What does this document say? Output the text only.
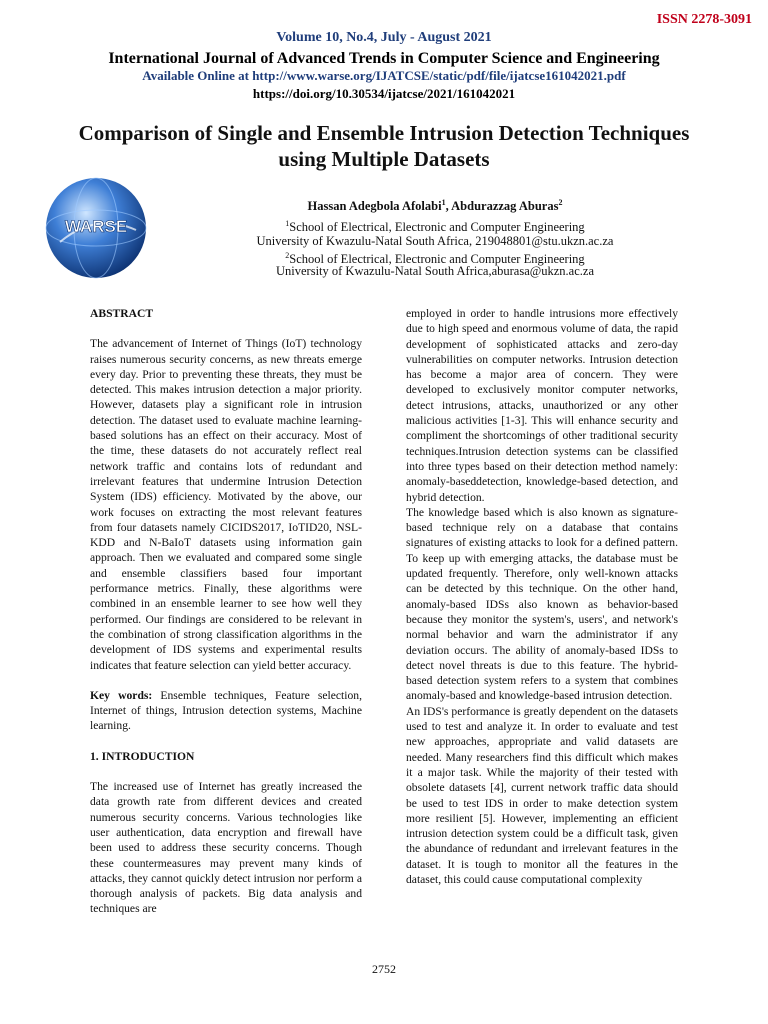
ISSN 2278-3091
Volume 10, No.4, July - August 2021
International Journal of Advanced Trends in Computer Science and Engineering
Available Online at http://www.warse.org/IJATCSE/static/pdf/file/ijatcse161042021.pdf
https://doi.org/10.30534/ijatcse/2021/161042021
Comparison of Single and Ensemble Intrusion Detection Techniques using Multiple Datasets
WARSE
Hassan Adegbola Afolabi$^1$, Abdurazzag Aburas$^2$
$^1$School of Electrical, Electronic and Computer Engineering
University of Kwazulu-Natal South Africa, 219048801@stu.ukzn.ac.za
$^2$School of Electrical, Electronic and Computer Engineering
University of Kwazulu-Natal South Africa,aburasa@ukzn.ac.za

ABSTRACT

The advancement of Internet of Things (IoT) technology raises numerous security concerns, as new threats emerge every day. Prior to preventing these threats, they must be detected. This makes intrusion detection a major priority. However, datasets play a significant role in intrusion detection. The dataset used to evaluate machine learning-based solutions has an effect on their accuracy. Most of the time, these datasets do not accurately reflect real network traffic and contains lots of redundant and irrelevant features that undermine Intrusion Detection System (IDS) efficiency. Motivated by the above, our work focuses on extracting the most relevant features from four datasets namely CICIDS2017, IoTID20, NSL-KDD and N-BaIoT datasets using information gain approach. Then we evaluated and compared some single and ensemble classifiers based four important performance metrics. Finally, these algorithms were combined in an ensemble learner to see how well they performed. Our findings are considered to be relevant in the combination of strong classification algorithms in the development of IDS systems and experimental results indicates that feature selection can yield better accuracy.

Key words: Ensemble techniques, Feature selection, Internet of things, Intrusion detection systems, Machine learning.

1. INTRODUCTION

The increased use of Internet has greatly increased the data growth rate from different devices and created numerous security concerns. Various technologies like user authentication, data encryption and firewall have been used to address these security concerns. Though these countermeasures may prevent many kinds of attacks, they cannot quickly detect intrusion nor perform a thorough analysis of packets. Big data analysis and techniques are

employed in order to handle intrusions more effectively due to high speed and enormous volume of data, the rapid development of sophisticated attacks and zero-day vulnerabilities on computer networks. Intrusion detection has become a major area of concern. They were developed to exclusively monitor computer networks, detect intrusions, attacks, unauthorized or any other malicious activities [1-3]. This will enhance security and compliment the shortcomings of other traditional security techniques.Intrusion detection systems can be classified into three types based on their detection method namely: anomaly-baseddetection, knowledge-based detection, and hybrid detection.

The knowledge based which is also known as signature-based technique rely on a database that contains signatures of existing attacks to look for a defined pattern. To keep up with emerging attacks, the database must be updated frequently. Therefore, only well-known attacks can be detected by this technique. On the other hand, anomaly-based IDSs also known as behavior-based because they monitor the system's, users', and network's normal behavior and warn the administrator if any deviation occurs. The ability of anomaly-based IDSs to detect novel threats is due to this feature. The hybrid-based detection system refers to a system that combines anomaly-based and knowledge-based intrusion detection.

An IDS's performance is greatly dependent on the datasets used to test and analyze it. In order to evaluate and test new approaches, appropriate and valid datasets are needed. Many researchers find this difficult which makes it a major task. While the majority of their tested with obsolete datasets [4], current network traffic data should be used to test IDS in order to make detection system more resilient [5]. However, implementing an efficient intrusion detection system could be a difficult task, given the abundance of redundant and irrelevant features in the dataset. It is tough to monitor all the features in the dataset, this could cause computational complexity

2752
